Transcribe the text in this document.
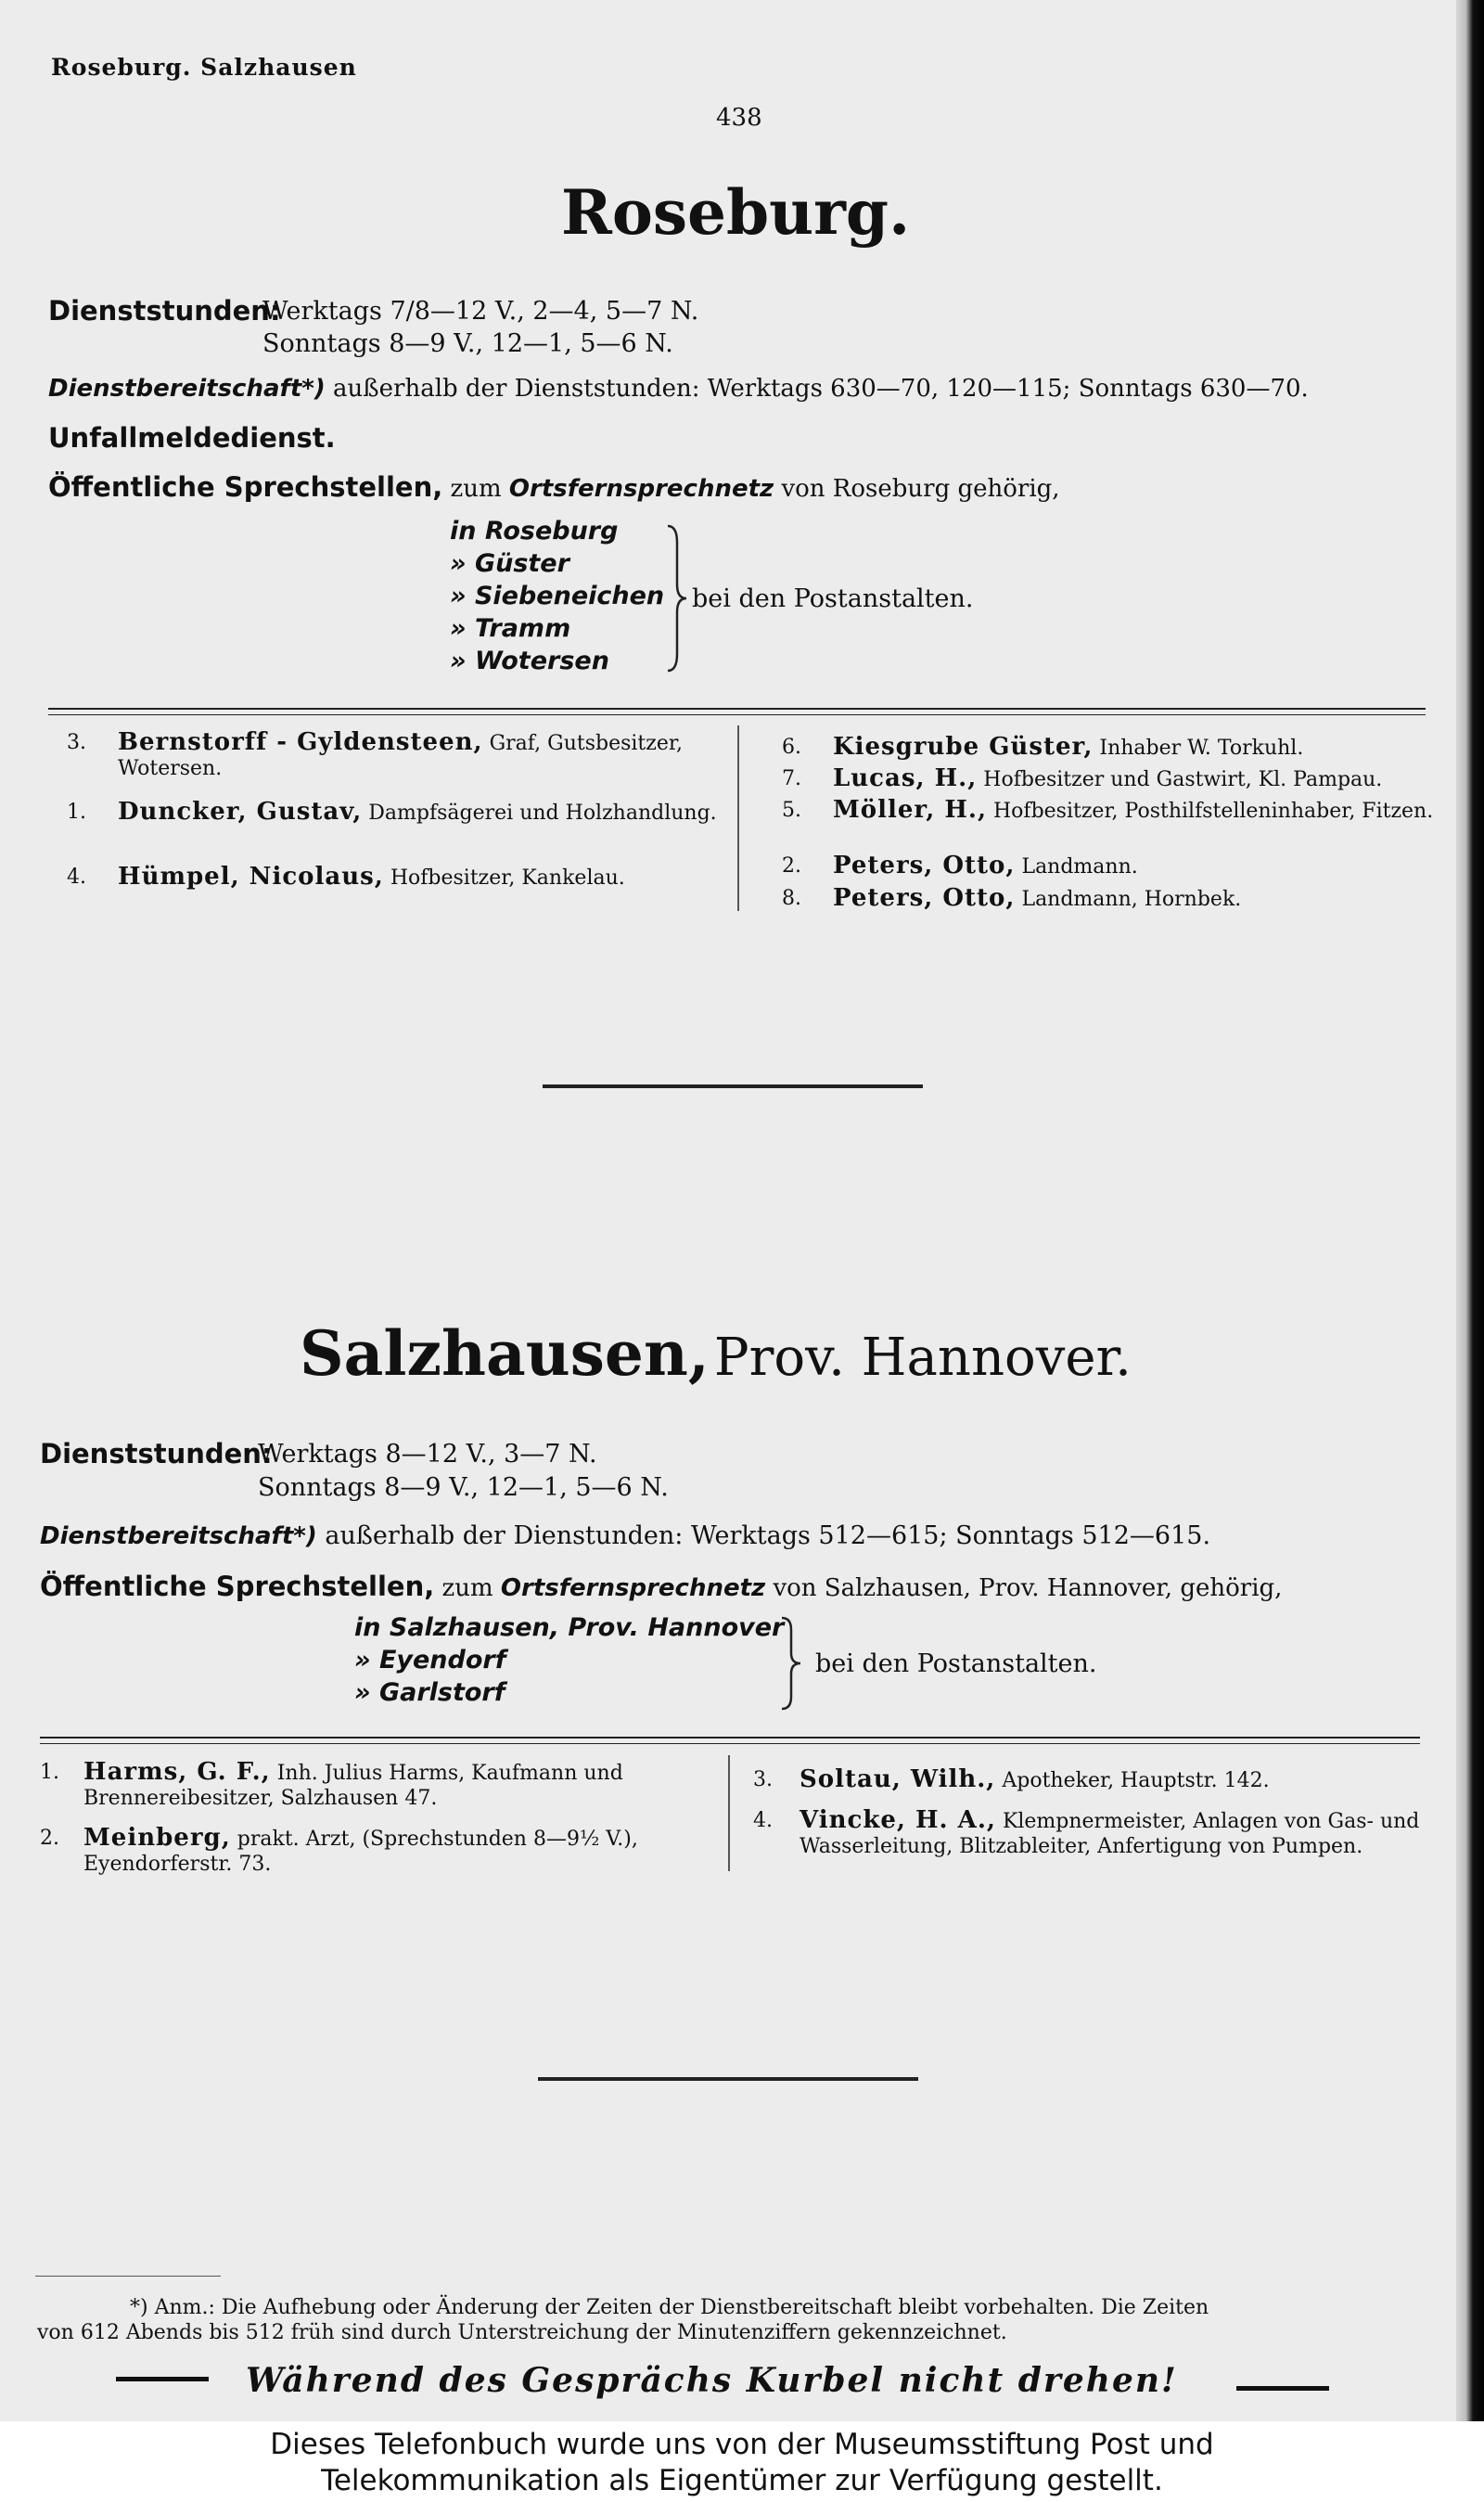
Roseburg. Salzhausen
438
Roseburg.
Dienststunden:
Werktags 7/8—12 V., 2—4, 5—7 N.
Sonntags 8—9 V., 12—1, 5—6 N.
Dienstbereitschaft*) außerhalb der Dienststunden: Werktags 630—70, 120—115; Sonntags 630—70.
Unfallmeldedienst.
Öffentliche Sprechstellen, zum Ortsfernsprechnetz von Roseburg gehörig,
in Roseburg
» Güster
» Siebeneichen
» Tramm
» Wotersen
bei den Postanstalten.
3. Bernstorff - Gyldensteen, Graf, Gutsbesitzer, Wotersen.
1. Duncker, Gustav, Dampfsägerei und Holzhandlung.
4. Hümpel, Nicolaus, Hofbesitzer, Kankelau.
6. Kiesgrube Güster, Inhaber W. Torkuhl.
7. Lucas, H., Hofbesitzer und Gastwirt, Kl. Pampau.
5. Möller, H., Hofbesitzer, Posthilfstelleninhaber, Fitzen.
2. Peters, Otto, Landmann.
8. Peters, Otto, Landmann, Hornbek.
Salzhausen, Prov. Hannover.
Dienststunden:
Werktags 8—12 V., 3—7 N.
Sonntags 8—9 V., 12—1, 5—6 N.
Dienstbereitschaft*) außerhalb der Dienstunden: Werktags 512—615; Sonntags 512—615.
Öffentliche Sprechstellen, zum Ortsfernsprechnetz von Salzhausen, Prov. Hannover, gehörig,
in Salzhausen, Prov. Hannover
» Eyendorf
» Garlstorf
bei den Postanstalten.
1. Harms, G. F., Inh. Julius Harms, Kaufmann und Brennereibesitzer, Salzhausen 47.
2. Meinberg, prakt. Arzt, (Sprechstunden 8—9½ V.), Eyendorferstr. 73.
3. Soltau, Wilh., Apotheker, Hauptstr. 142.
4. Vincke, H. A., Klempnermeister, Anlagen von Gas- und Wasserleitung, Blitzableiter, Anfertigung von Pumpen.
*) Anm.: Die Aufhebung oder Änderung der Zeiten der Dienstbereitschaft bleibt vorbehalten. Die Zeiten
von 612 Abends bis 512 früh sind durch Unterstreichung der Minutenziffern gekennzeichnet.
Während des Gesprächs Kurbel nicht drehen!
Dieses Telefonbuch wurde uns von der Museumsstiftung Post und
Telekommunikation als Eigentümer zur Verfügung gestellt.
